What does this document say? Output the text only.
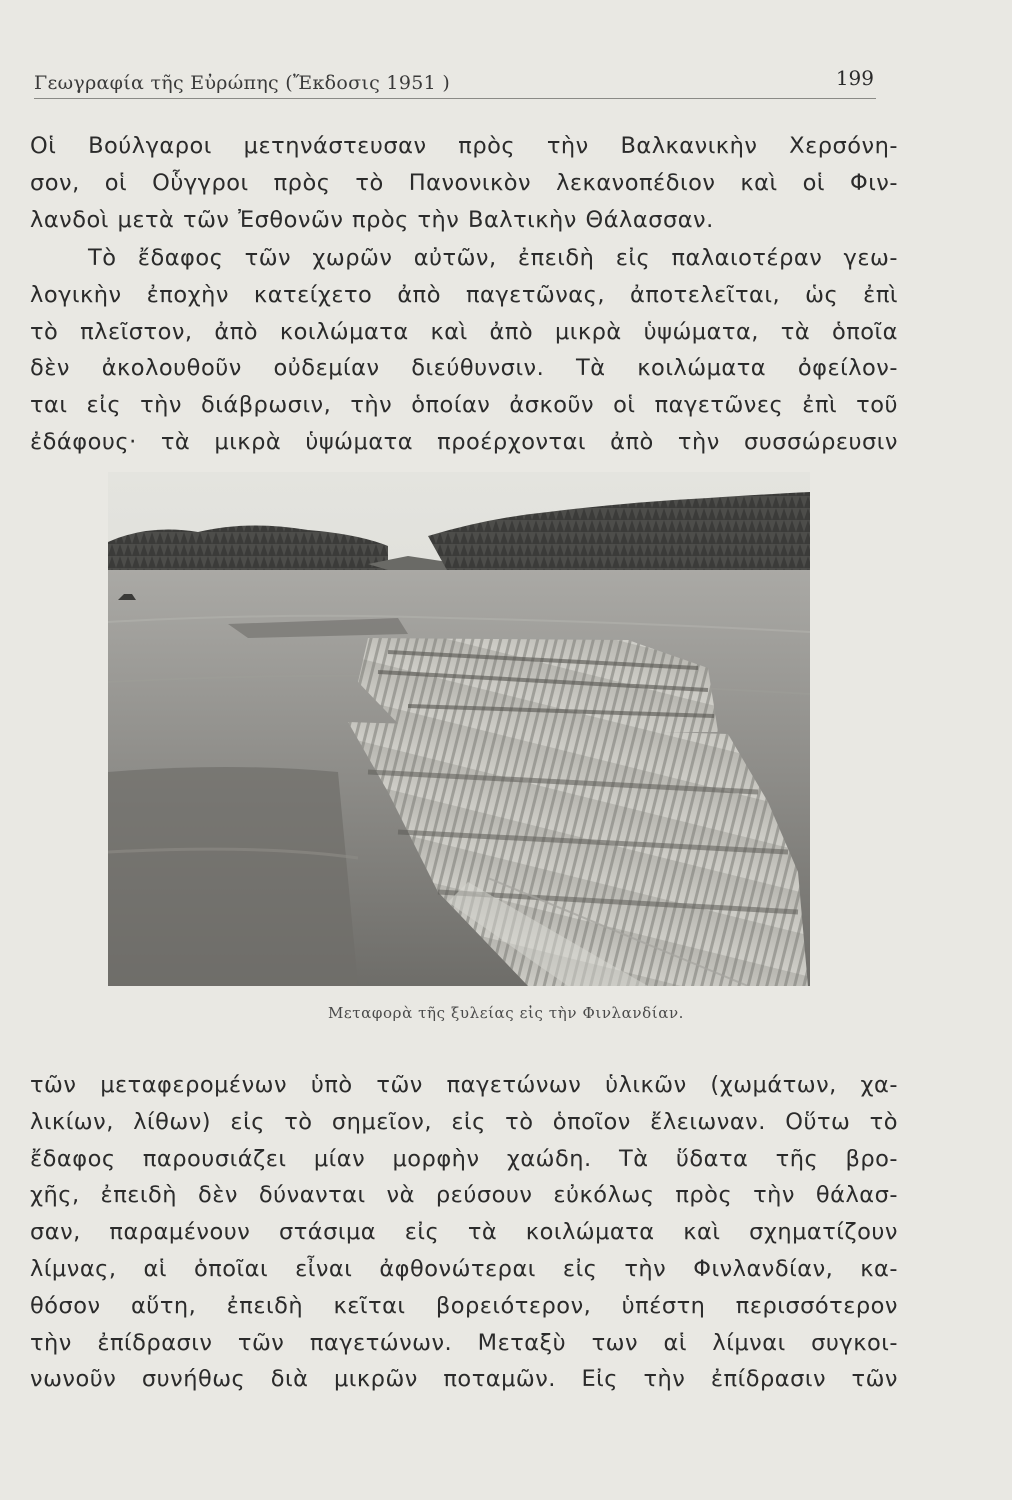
Γεωγραφία τῆς Εὐρώπης (Ἔκδοσις 1951 )	199
Οἱ Βούλγαροι μετηνάστευσαν πρὸς τὴν Βαλκανικὴν Χερσόνη-
σον, οἱ Οὗγγροι πρὸς τὸ Πανονικὸν λεκανοπέδιον καὶ οἱ Φιν-
λανδοὶ μετὰ τῶν Ἐσθονῶν πρὸς τὴν Βαλτικὴν Θάλασσαν.
Τὸ ἔδαφος τῶν χωρῶν αὐτῶν, ἐπειδὴ εἰς παλαιοτέραν γεω-
λογικὴν ἐποχὴν κατείχετο ἀπὸ παγετῶνας, ἀποτελεῖται, ὡς ἐπὶ
τὸ πλεῖστον, ἀπὸ κοιλώματα καὶ ἀπὸ μικρὰ ὑψώματα, τὰ ὁποῖα
δὲν ἀκολουθοῦν οὐδεμίαν διεύθυνσιν. Τὰ κοιλώματα ὀφείλον-
ται εἰς τὴν διάβρωσιν, τὴν ὁποίαν ἀσκοῦν οἱ παγετῶνες ἐπὶ τοῦ
ἐδάφους· τὰ μικρὰ ὑψώματα προέρχονται ἀπὸ τὴν συσσώρευσιν
Μεταφορὰ τῆς ξυλείας εἰς τὴν Φινλανδίαν.
τῶν μεταφερομένων ὑπὸ τῶν παγετώνων ὑλικῶν (χωμάτων, χα-
λικίων, λίθων) εἰς τὸ σημεῖον, εἰς τὸ ὁποῖον ἔλειωναν. Οὕτω τὸ
ἔδαφος παρουσιάζει μίαν μορφὴν χαώδη. Τὰ ὕδατα τῆς βρο-
χῆς, ἐπειδὴ δὲν δύνανται νὰ ρεύσουν εὐκόλως πρὸς τὴν θάλασ-
σαν, παραμένουν στάσιμα εἰς τὰ κοιλώματα καὶ σχηματίζουν
λίμνας, αἱ ὁποῖαι εἶναι ἀφθονώτεραι εἰς τὴν Φινλανδίαν, κα-
θόσον αὕτη, ἐπειδὴ κεῖται βορειότερον, ὑπέστη περισσότερον
τὴν ἐπίδρασιν τῶν παγετώνων. Μεταξὺ των αἱ λίμναι συγκοι-
νωνοῦν συνήθως διὰ μικρῶν ποταμῶν. Εἰς τὴν ἐπίδρασιν τῶν
